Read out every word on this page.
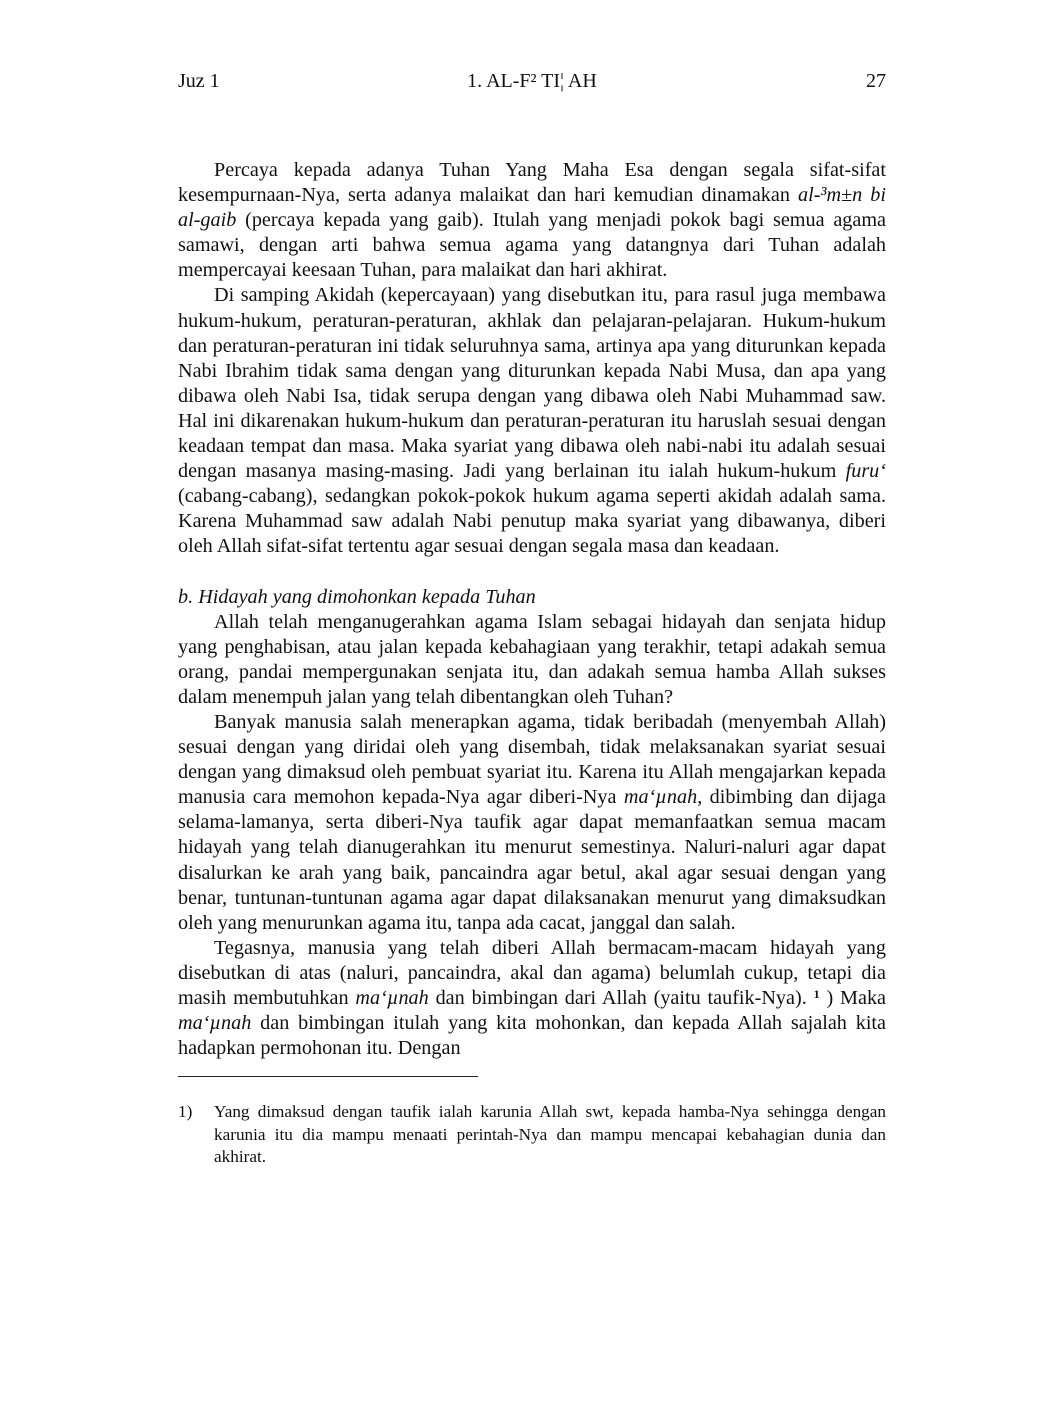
Juz 1	1. AL-F² TI¦ AH	27

Percaya kepada adanya Tuhan Yang Maha Esa dengan segala sifat-sifat kesempurnaan-Nya, serta adanya malaikat dan hari kemudian dinamakan al-³m±n bi al-gaib (percaya kepada yang gaib). Itulah yang menjadi pokok bagi semua agama samawi, dengan arti bahwa semua agama yang datangnya dari Tuhan adalah mempercayai keesaan Tuhan, para malaikat dan hari akhirat.

Di samping Akidah (kepercayaan) yang disebutkan itu, para rasul juga membawa hukum-hukum, peraturan-peraturan, akhlak dan pelajaran-pelajaran. Hukum-hukum dan peraturan-peraturan ini tidak seluruhnya sama, artinya apa yang diturunkan kepada Nabi Ibrahim tidak sama dengan yang diturunkan kepada Nabi Musa, dan apa yang dibawa oleh Nabi Isa, tidak serupa dengan yang dibawa oleh Nabi Muhammad saw. Hal ini dikarenakan hukum-hukum dan peraturan-peraturan itu haruslah sesuai dengan keadaan tempat dan masa. Maka syariat yang dibawa oleh nabi-nabi itu adalah sesuai dengan masanya masing-masing. Jadi yang berlainan itu ialah hukum-hukum furu‘ (cabang-cabang), sedangkan pokok-pokok hukum agama seperti akidah adalah sama. Karena Muhammad saw adalah Nabi penutup maka syariat yang dibawanya, diberi oleh Allah sifat-sifat tertentu agar sesuai dengan segala masa dan keadaan.

b. Hidayah yang dimohonkan kepada Tuhan

Allah telah menganugerahkan agama Islam sebagai hidayah dan senjata hidup yang penghabisan, atau jalan kepada kebahagiaan yang terakhir, tetapi adakah semua orang, pandai mempergunakan senjata itu, dan adakah semua hamba Allah sukses dalam menempuh jalan yang telah dibentangkan oleh Tuhan?

Banyak manusia salah menerapkan agama, tidak beribadah (menyembah Allah) sesuai dengan yang diridai oleh yang disembah, tidak melaksanakan syariat sesuai dengan yang dimaksud oleh pembuat syariat itu. Karena itu Allah mengajarkan kepada manusia cara memohon kepada-Nya agar diberi-Nya ma‘µnah, dibimbing dan dijaga selama-lamanya, serta diberi-Nya taufik agar dapat memanfaatkan semua macam hidayah yang telah dianugerahkan itu menurut semestinya. Naluri-naluri agar dapat disalurkan ke arah yang baik, pancaindra agar betul, akal agar sesuai dengan yang benar, tuntunan-tuntunan agama agar dapat dilaksanakan menurut yang dimaksudkan oleh yang menurunkan agama itu, tanpa ada cacat, janggal dan salah.

Tegasnya, manusia yang telah diberi Allah bermacam-macam hidayah yang disebutkan di atas (naluri, pancaindra, akal dan agama) belumlah cukup, tetapi dia masih membutuhkan ma‘µnah dan bimbingan dari Allah (yaitu taufik-Nya). $^1$ ) Maka ma‘µnah dan bimbingan itulah yang kita mohonkan, dan kepada Allah sajalah kita hadapkan permohonan itu. Dengan

1)	Yang dimaksud dengan taufik ialah karunia Allah swt, kepada hamba-Nya sehingga dengan karunia itu dia mampu menaati perintah-Nya dan mampu mencapai kebahagian dunia dan akhirat.
